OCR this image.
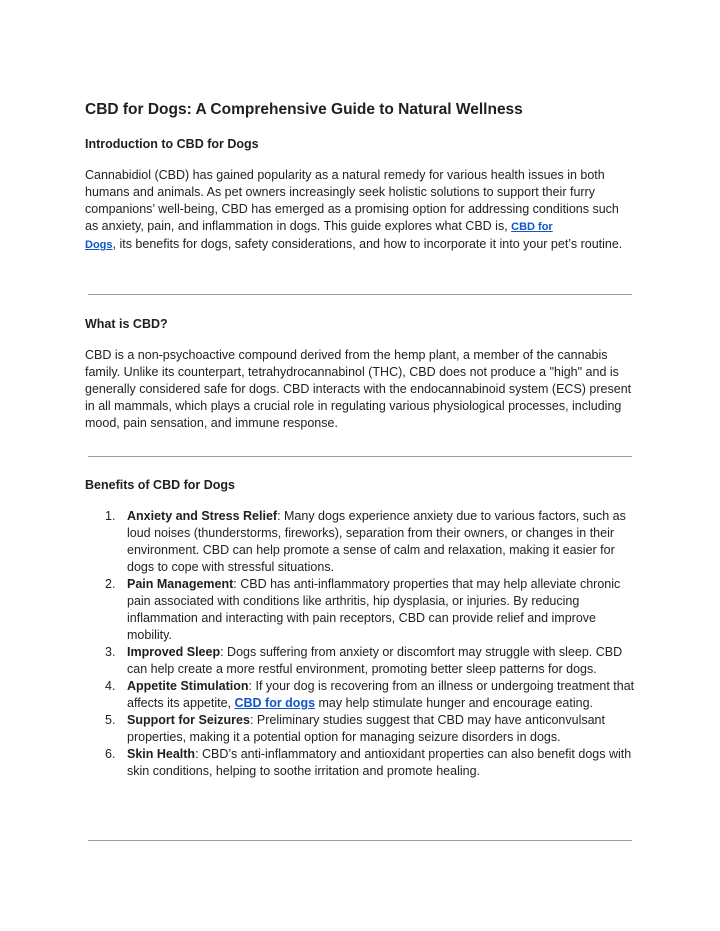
CBD for Dogs: A Comprehensive Guide to Natural Wellness
Introduction to CBD for Dogs

Cannabidiol (CBD) has gained popularity as a natural remedy for various health issues in both humans and animals. As pet owners increasingly seek holistic solutions to support their furry companions’ well-being, CBD has emerged as a promising option for addressing conditions such as anxiety, pain, and inflammation in dogs. This guide explores what CBD is, CBD for
Dogs, its benefits for dogs, safety considerations, and how to incorporate it into your pet’s routine.

What is CBD?

CBD is a non-psychoactive compound derived from the hemp plant, a member of the cannabis family. Unlike its counterpart, tetrahydrocannabinol (THC), CBD does not produce a "high" and is generally considered safe for dogs. CBD interacts with the endocannabinoid system (ECS) present in all mammals, which plays a crucial role in regulating various physiological processes, including mood, pain sensation, and immune response.

Benefits of CBD for Dogs
1. Anxiety and Stress Relief: Many dogs experience anxiety due to various factors, such as loud noises (thunderstorms, fireworks), separation from their owners, or changes in their environment. CBD can help promote a sense of calm and relaxation, making it easier for dogs to cope with stressful situations.
2. Pain Management: CBD has anti-inflammatory properties that may help alleviate chronic pain associated with conditions like arthritis, hip dysplasia, or injuries. By reducing inflammation and interacting with pain receptors, CBD can provide relief and improve mobility.
3. Improved Sleep: Dogs suffering from anxiety or discomfort may struggle with sleep. CBD can help create a more restful environment, promoting better sleep patterns for dogs.
4. Appetite Stimulation: If your dog is recovering from an illness or undergoing treatment that affects its appetite, CBD for dogs may help stimulate hunger and encourage eating.
5. Support for Seizures: Preliminary studies suggest that CBD may have anticonvulsant properties, making it a potential option for managing seizure disorders in dogs.
6. Skin Health: CBD’s anti-inflammatory and antioxidant properties can also benefit dogs with skin conditions, helping to soothe irritation and promote healing.
